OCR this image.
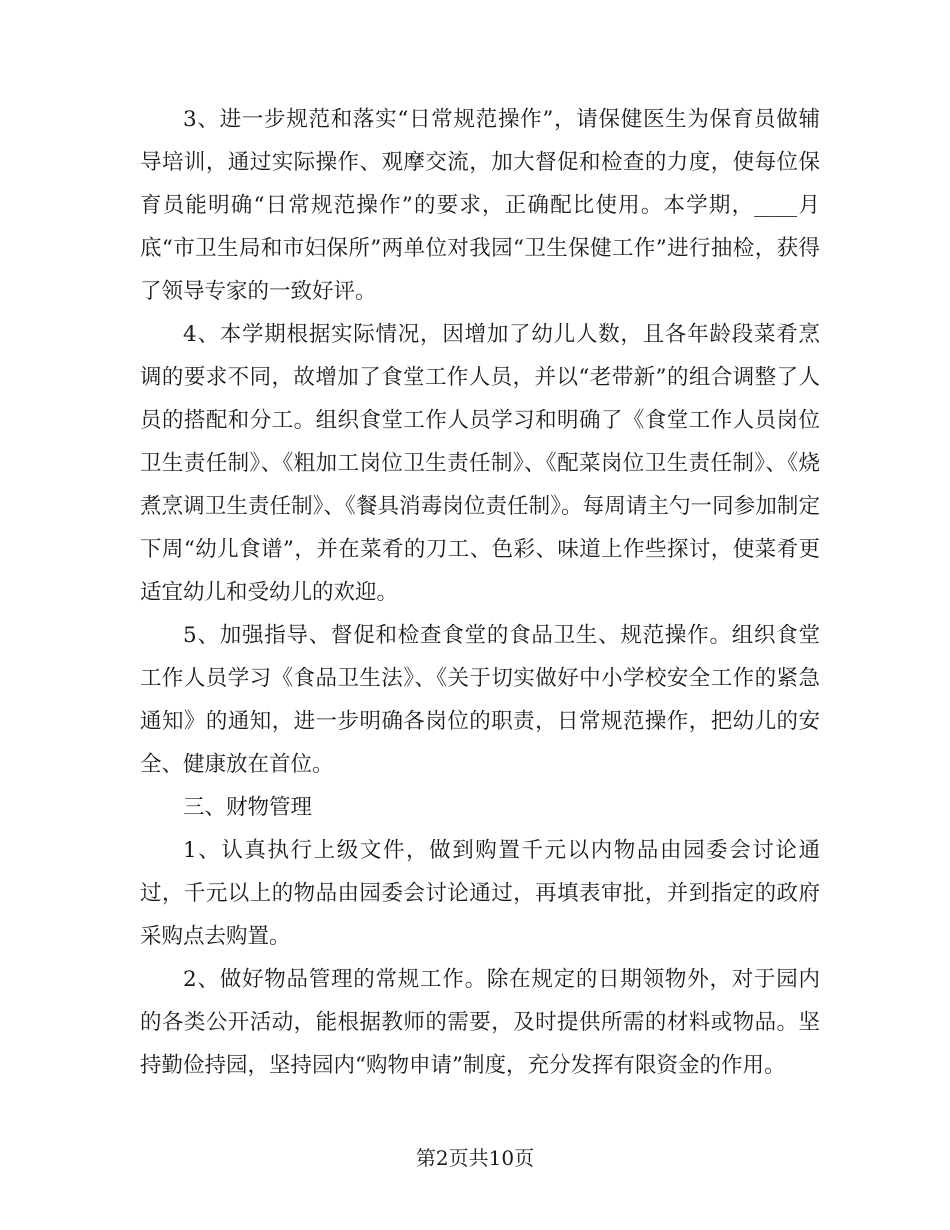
3、进一步规范和落实“日常规范操作”，请保健医生为保育员做辅导培训，通过实际操作、观摩交流，加大督促和检查的力度，使每位保育员能明确“日常规范操作”的要求，正确配比使用。本学期，____月底“市卫生局和市妇保所”两单位对我园“卫生保健工作”进行抽检，获得了领导专家的一致好评。

4、本学期根据实际情况，因增加了幼儿人数，且各年龄段菜肴烹调的要求不同，故增加了食堂工作人员，并以“老带新”的组合调整了人员的搭配和分工。组织食堂工作人员学习和明确了《食堂工作人员岗位卫生责任制》、《粗加工岗位卫生责任制》、《配菜岗位卫生责任制》、《烧煮烹调卫生责任制》、《餐具消毒岗位责任制》。每周请主勺一同参加制定下周“幼儿食谱”，并在菜肴的刀工、色彩、味道上作些探讨，使菜肴更适宜幼儿和受幼儿的欢迎。

5、加强指导、督促和检查食堂的食品卫生、规范操作。组织食堂工作人员学习《食品卫生法》、《关于切实做好中小学校安全工作的紧急通知》的通知，进一步明确各岗位的职责，日常规范操作，把幼儿的安全、健康放在首位。

三、财物管理

1、认真执行上级文件，做到购置千元以内物品由园委会讨论通过，千元以上的物品由园委会讨论通过，再填表审批，并到指定的政府采购点去购置。

2、做好物品管理的常规工作。除在规定的日期领物外，对于园内的各类公开活动，能根据教师的需要，及时提供所需的材料或物品。坚持勤俭持园，坚持园内“购物申请”制度，充分发挥有限资金的作用。

第2页共10页
